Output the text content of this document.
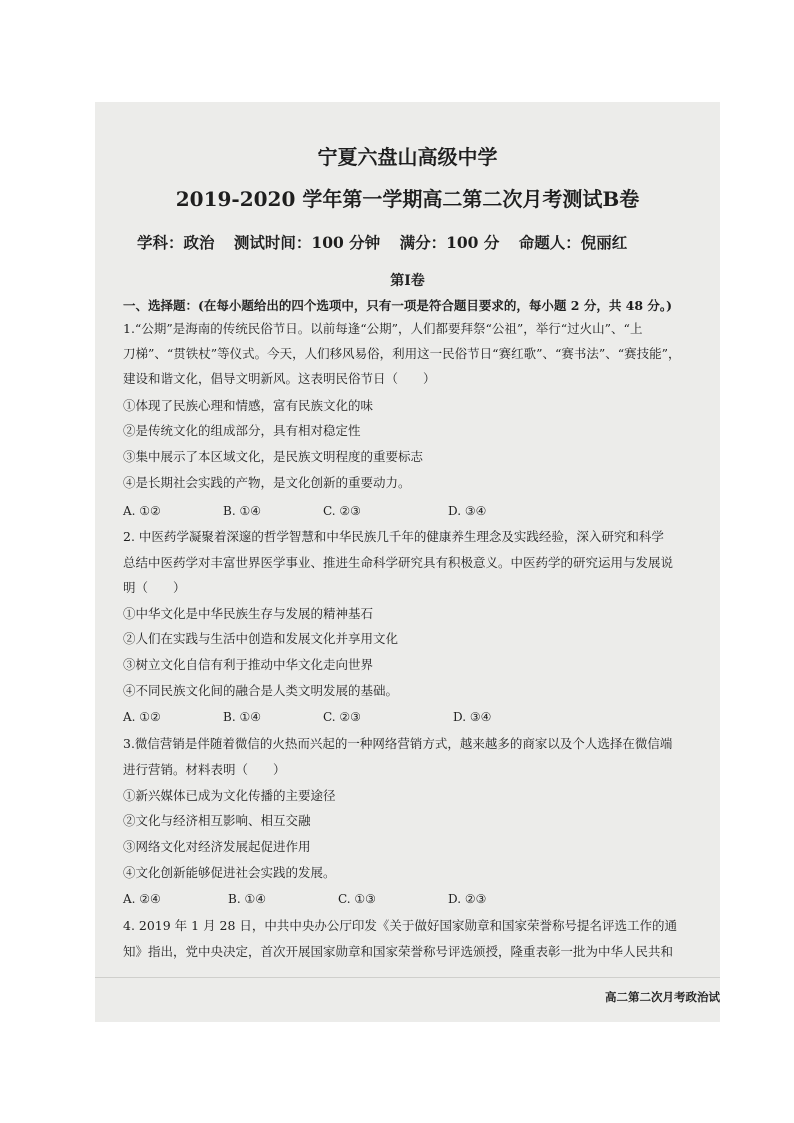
宁夏六盘山高级中学
2019-2020 学年第一学期高二第二次月考测试B卷
学科：政治 测试时间：100 分钟 满分：100 分 命题人：倪丽红
第Ⅰ卷
一、选择题：(在每小题给出的四个选项中，只有一项是符合题目要求的，每小题 2 分，共 48 分。)
1.“公期”是海南的传统民俗节日。以前每逢“公期”，人们都要拜祭“公祖”，举行“过火山”、“上
刀梯”、“贯铁杖”等仪式。今天，人们移风易俗，利用这一民俗节日“赛红歌”、“赛书法”、“赛技能”，
建设和谐文化，倡导文明新风。这表明民俗节日（　　）
①体现了民族心理和情感，富有民族文化的味
②是传统文化的组成部分，具有相对稳定性
③集中展示了本区域文化，是民族文明程度的重要标志
④是长期社会实践的产物，是文化创新的重要动力。
A. ①②	B. ①④	C. ②③	D. ③④
2. 中医药学凝聚着深邃的哲学智慧和中华民族几千年的健康养生理念及实践经验，深入研究和科学
总结中医药学对丰富世界医学事业、推进生命科学研究具有积极意义。中医药学的研究运用与发展说
明（　　）
①中华文化是中华民族生存与发展的精神基石
②人们在实践与生活中创造和发展文化并享用文化
③树立文化自信有利于推动中华文化走向世界
④不同民族文化间的融合是人类文明发展的基础。
A. ①②	B. ①④	C. ②③	D. ③④
3.微信营销是伴随着微信的火热而兴起的一种网络营销方式，越来越多的商家以及个人选择在微信端
进行营销。材料表明（　　）
①新兴媒体已成为文化传播的主要途径
②文化与经济相互影响、相互交融
③网络文化对经济发展起促进作用
④文化创新能够促进社会实践的发展。
A. ②④	B. ①④	C. ①③	D. ②③
4. 2019 年 1 月 28 日，中共中央办公厅印发《关于做好国家勋章和国家荣誉称号提名评选工作的通
知》指出，党中央决定，首次开展国家勋章和国家荣誉称号评选颁授，隆重表彰一批为中华人民共和
高二第二次月考政治试
